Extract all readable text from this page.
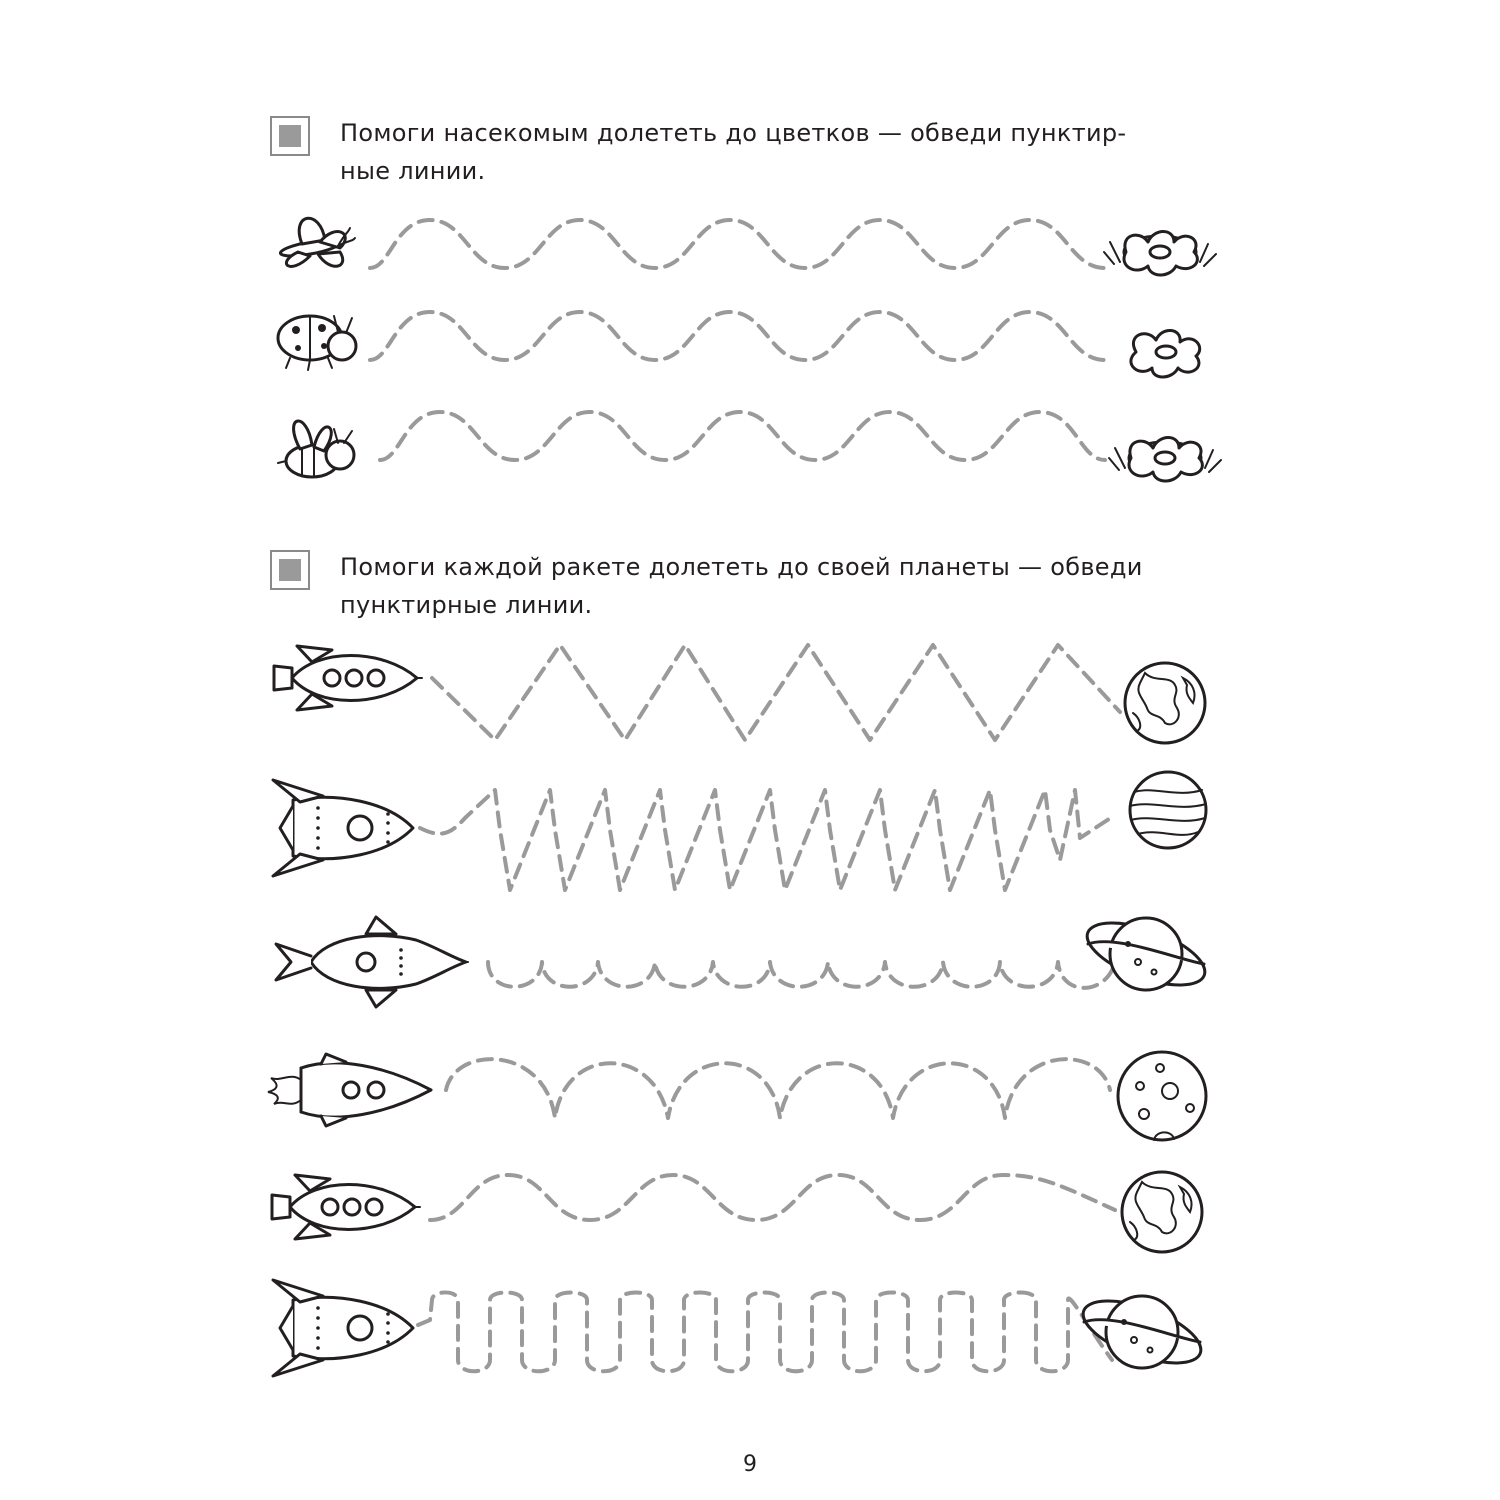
Помоги насекомым долететь до цветков — обведи пунктир-
ные линии.
Помоги каждой ракете долететь до своей планеты — обведи
пунктирные линии.
9
